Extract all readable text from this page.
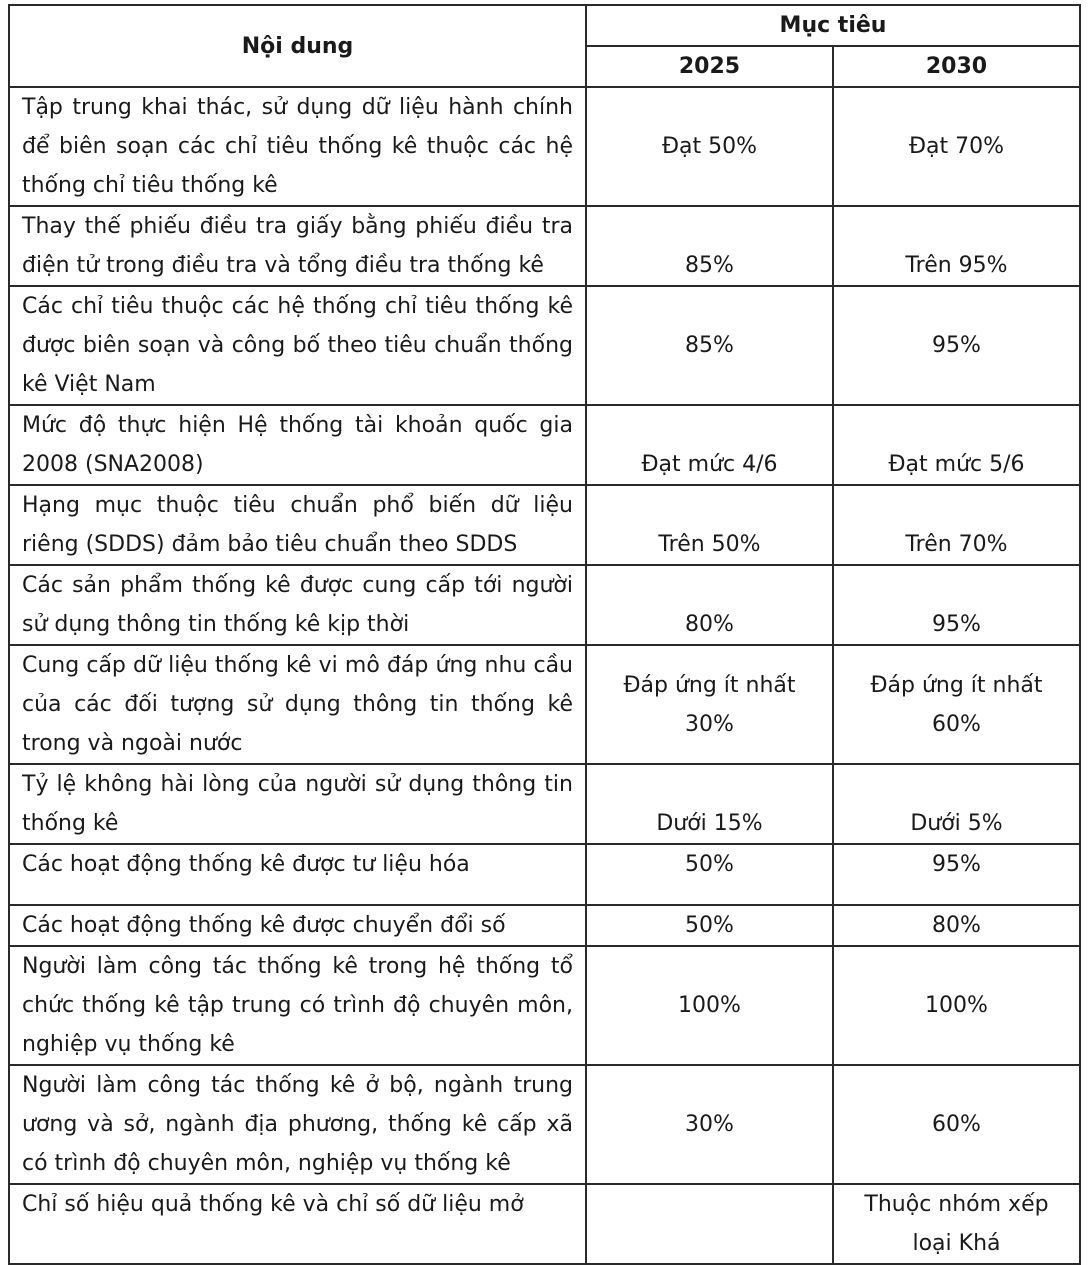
Nội dung	Mục tiêu	
	2025	2030
Tập trung khai thác, sử dụng dữ liệu hành chính để biên soạn các chỉ tiêu thống kê thuộc các hệ thống chỉ tiêu thống kê	Đạt 50%	Đạt 70%
Thay thế phiếu điều tra giấy bằng phiếu điều tra điện tử trong điều tra và tổng điều tra thống kê	85%	Trên 95%
Các chỉ tiêu thuộc các hệ thống chỉ tiêu thống kê được biên soạn và công bố theo tiêu chuẩn thống kê Việt Nam	85%	95%
Mức độ thực hiện Hệ thống tài khoản quốc gia 2008 (SNA2008)	Đạt mức 4/6	Đạt mức 5/6
Hạng mục thuộc tiêu chuẩn phổ biến dữ liệu riêng (SDDS) đảm bảo tiêu chuẩn theo SDDS	Trên 50%	Trên 70%
Các sản phẩm thống kê được cung cấp tới người sử dụng thông tin thống kê kịp thời	80%	95%
Cung cấp dữ liệu thống kê vi mô đáp ứng nhu cầu của các đối tượng sử dụng thông tin thống kê trong và ngoài nước	Đáp ứng ít nhất 30%	Đáp ứng ít nhất 60%
Tỷ lệ không hài lòng của người sử dụng thông tin thống kê	Dưới 15%	Dưới 5%
Các hoạt động thống kê được tư liệu hóa	50%	95%
Các hoạt động thống kê được chuyển đổi số	50%	80%
Người làm công tác thống kê trong hệ thống tổ chức thống kê tập trung có trình độ chuyên môn, nghiệp vụ thống kê	100%	100%
Người làm công tác thống kê ở bộ, ngành trung ương và sở, ngành địa phương, thống kê cấp xã có trình độ chuyên môn, nghiệp vụ thống kê	30%	60%
Chỉ số hiệu quả thống kê và chỉ số dữ liệu mở		Thuộc nhóm xếp loại Khá
